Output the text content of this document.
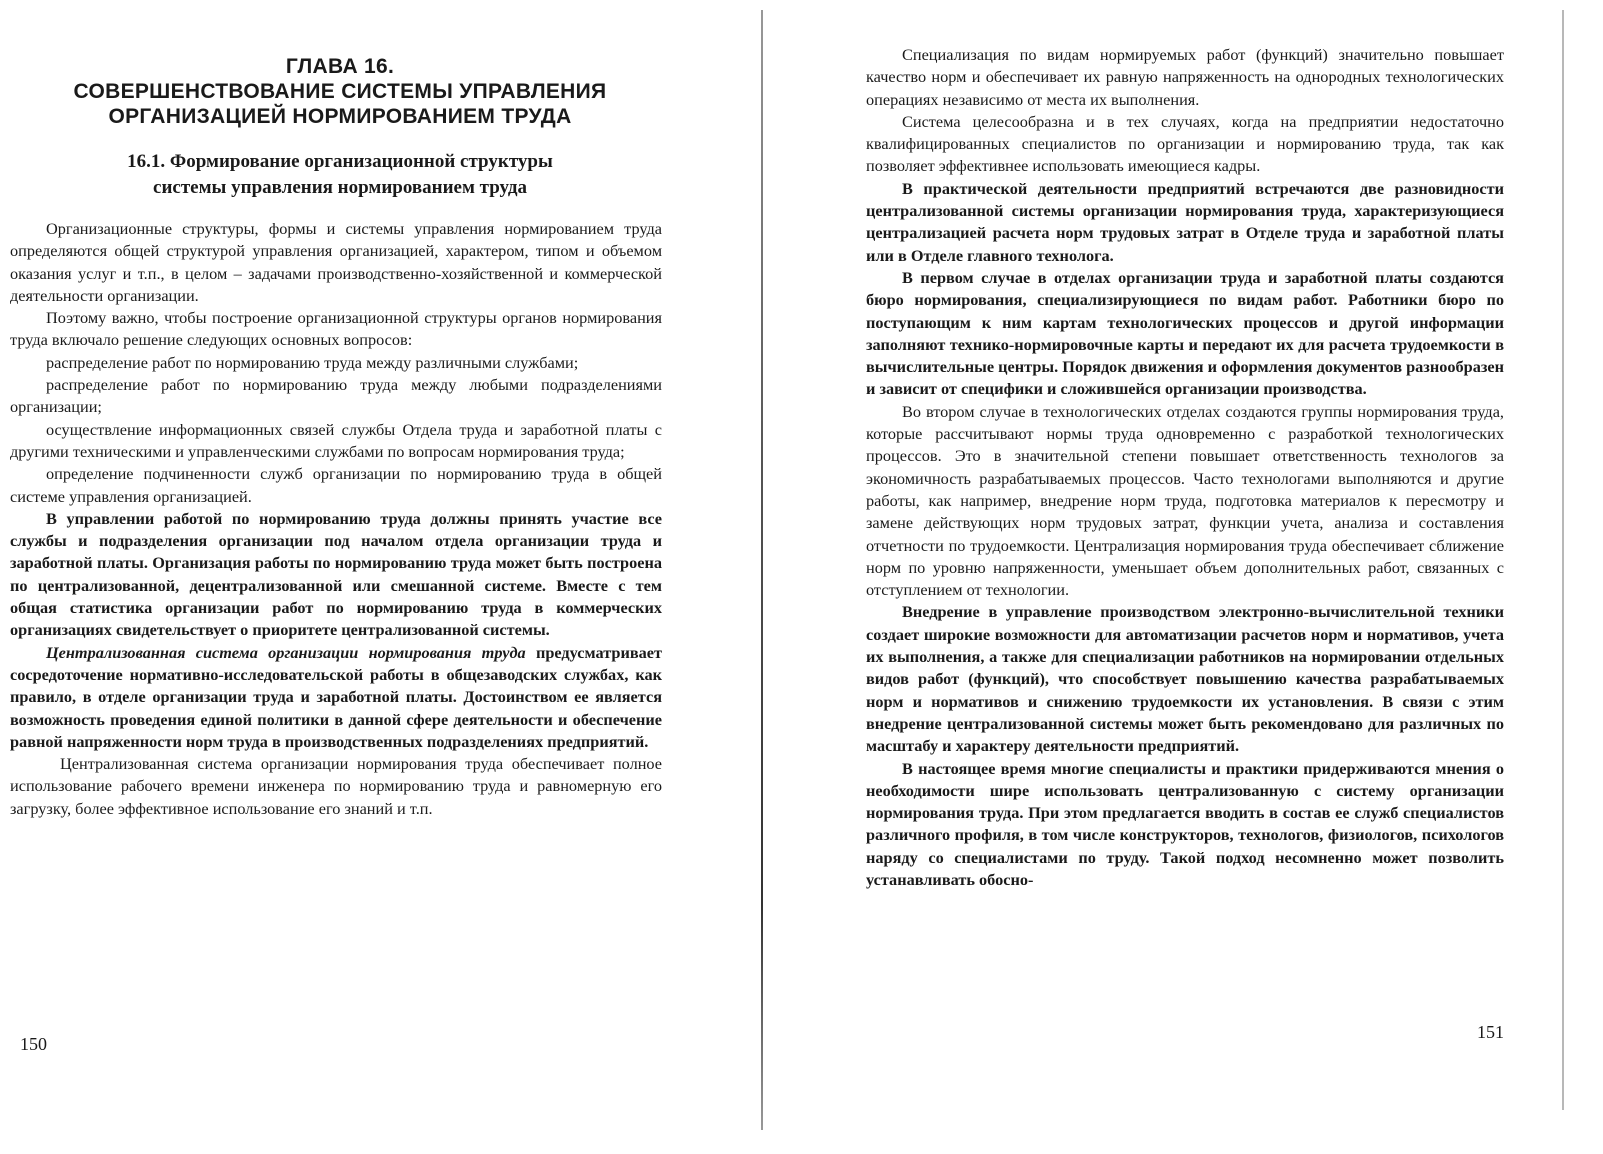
ГЛАВА 16.
СОВЕРШЕНСТВОВАНИЕ СИСТЕМЫ УПРАВЛЕНИЯ
ОРГАНИЗАЦИЕЙ НОРМИРОВАНИЕМ ТРУДА
16.1. Формирование организационной структуры
системы управления нормированием труда

Организационные структуры, формы и системы управления нормированием труда определяются общей структурой управления организацией, характером, типом и объемом оказания услуг и т.п., в целом – задачами производственно-хозяйственной и коммерческой деятельности организации.

Поэтому важно, чтобы построение организационной структуры органов нормирования труда включало решение следующих основных вопросов:

распределение работ по нормированию труда между различными службами;

распределение работ по нормированию труда между любыми подразделениями организации;

осуществление информационных связей службы Отдела труда и заработной платы с другими техническими и управленческими службами по вопросам нормирования труда;

определение подчиненности служб организации по нормированию труда в общей системе управления организацией.

В управлении работой по нормированию труда должны принять участие все службы и подразделения организации под началом отдела организации труда и заработной платы. Организация работы по нормированию труда может быть построена по централизованной, децентрализованной или смешанной системе. Вместе с тем общая статистика организации работ по нормированию труда в коммерческих организациях свидетельствует о приоритете централизованной системы.

Централизованная система организации нормирования труда предусматривает сосредоточение нормативно-исследовательской работы в общезаводских службах, как правило, в отделе организации труда и заработной платы. Достоинством ее является возможность проведения единой политики в данной сфере деятельности и обеспечение равной напряженности норм труда в производственных подразделениях предприятий.

Централизованная система организации нормирования труда обеспечивает полное использование рабочего времени инженера по нормированию труда и равномерную его загрузку, более эффективное использование его знаний и т.п.

150

Специализация по видам нормируемых работ (функций) значительно повышает качество норм и обеспечивает их равную напряженность на однородных технологических операциях независимо от места их выполнения.

Система целесообразна и в тех случаях, когда на предприятии недостаточно квалифицированных специалистов по организации и нормированию труда, так как позволяет эффективнее использовать имеющиеся кадры.

В практической деятельности предприятий встречаются две разновидности централизованной системы организации нормирования труда, характеризующиеся централизацией расчета норм трудовых затрат в Отделе труда и заработной платы или в Отделе главного технолога.

В первом случае в отделах организации труда и заработной платы создаются бюро нормирования, специализирующиеся по видам работ. Работники бюро по поступающим к ним картам технологических процессов и другой информации заполняют технико-нормировочные карты и передают их для расчета трудоемкости в вычислительные центры. Порядок движения и оформления документов разнообразен и зависит от специфики и сложившейся организации производства.

Во втором случае в технологических отделах создаются группы нормирования труда, которые рассчитывают нормы труда одновременно с разработкой технологических процессов. Это в значительной степени повышает ответственность технологов за экономичность разрабатываемых процессов. Часто технологами выполняются и другие работы, как например, внедрение норм труда, подготовка материалов к пересмотру и замене действующих норм трудовых затрат, функции учета, анализа и составления отчетности по трудоемкости. Централизация нормирования труда обеспечивает сближение норм по уровню напряженности, уменьшает объем дополнительных работ, связанных с отступлением от технологии.

Внедрение в управление производством электронно-вычислительной техники создает широкие возможности для автоматизации расчетов норм и нормативов, учета их выполнения, а также для специализации работников на нормировании отдельных видов работ (функций), что способствует повышению качества разрабатываемых норм и нормативов и снижению трудоемкости их установления. В связи с этим внедрение централизованной системы может быть рекомендовано для различных по масштабу и характеру деятельности предприятий.

В настоящее время многие специалисты и практики придерживаются мнения о необходимости шире использовать централизованную с систему организации нормирования труда. При этом предлагается вводить в состав ее служб специалистов различного профиля, в том числе конструкторов, технологов, физиологов, психологов наряду со специалистами по труду. Такой подход несомненно может позволить устанавливать обосно-

151
